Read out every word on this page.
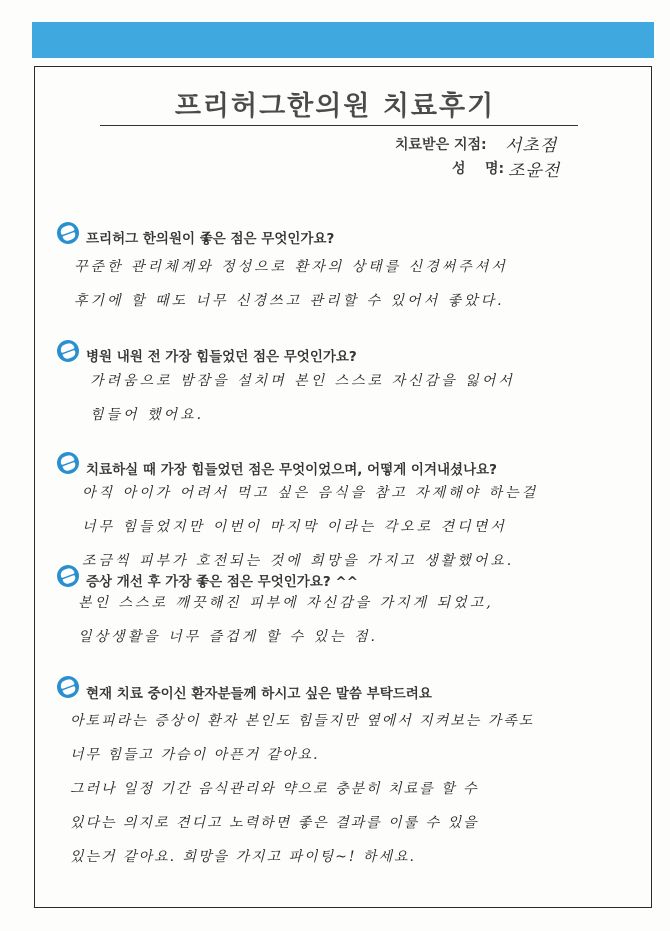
프리허그한의원 치료후기
치료받은 지점: 서초점
성    명: 조윤전
프리허그 한의원이 좋은 점은 무엇인가요?
꾸준한 관리체계와 정성으로 환자의 상태를 신경써주셔서
후기에 할 때도 너무 신경쓰고 관리할 수 있어서 좋았다.
병원 내원 전 가장 힘들었던 점은 무엇인가요?
가려움으로 밤잠을 설치며 본인 스스로 자신감을 잃어서
힘들어 했어요.
치료하실 때 가장 힘들었던 점은 무엇이었으며, 어떻게 이겨내셨나요?
아직 아이가 어려서 먹고 싶은 음식을 참고 자제해야 하는걸
너무 힘들었지만 이번이 마지막 이라는 각오로 견디면서
조금씩 피부가 호전되는 것에 희망을 가지고 생활했어요.
증상 개선 후 가장 좋은 점은 무엇인가요? ^^
본인 스스로 깨끗해진 피부에 자신감을 가지게 되었고,
일상생활을 너무 즐겁게 할 수 있는 점.
현재 치료 중이신 환자분들께 하시고 싶은 말씀 부탁드려요
아토피라는 증상이 환자 본인도 힘들지만 옆에서 지켜보는 가족도
너무 힘들고 가슴이 아픈거 같아요.
그러나 일정 기간 음식관리와 약으로 충분히 치료를 할 수
있다는 의지로 견디고 노력하면 좋은 결과를 이룰 수 있을
있는거 같아요. 희망을 가지고 파이팅~! 하세요.
